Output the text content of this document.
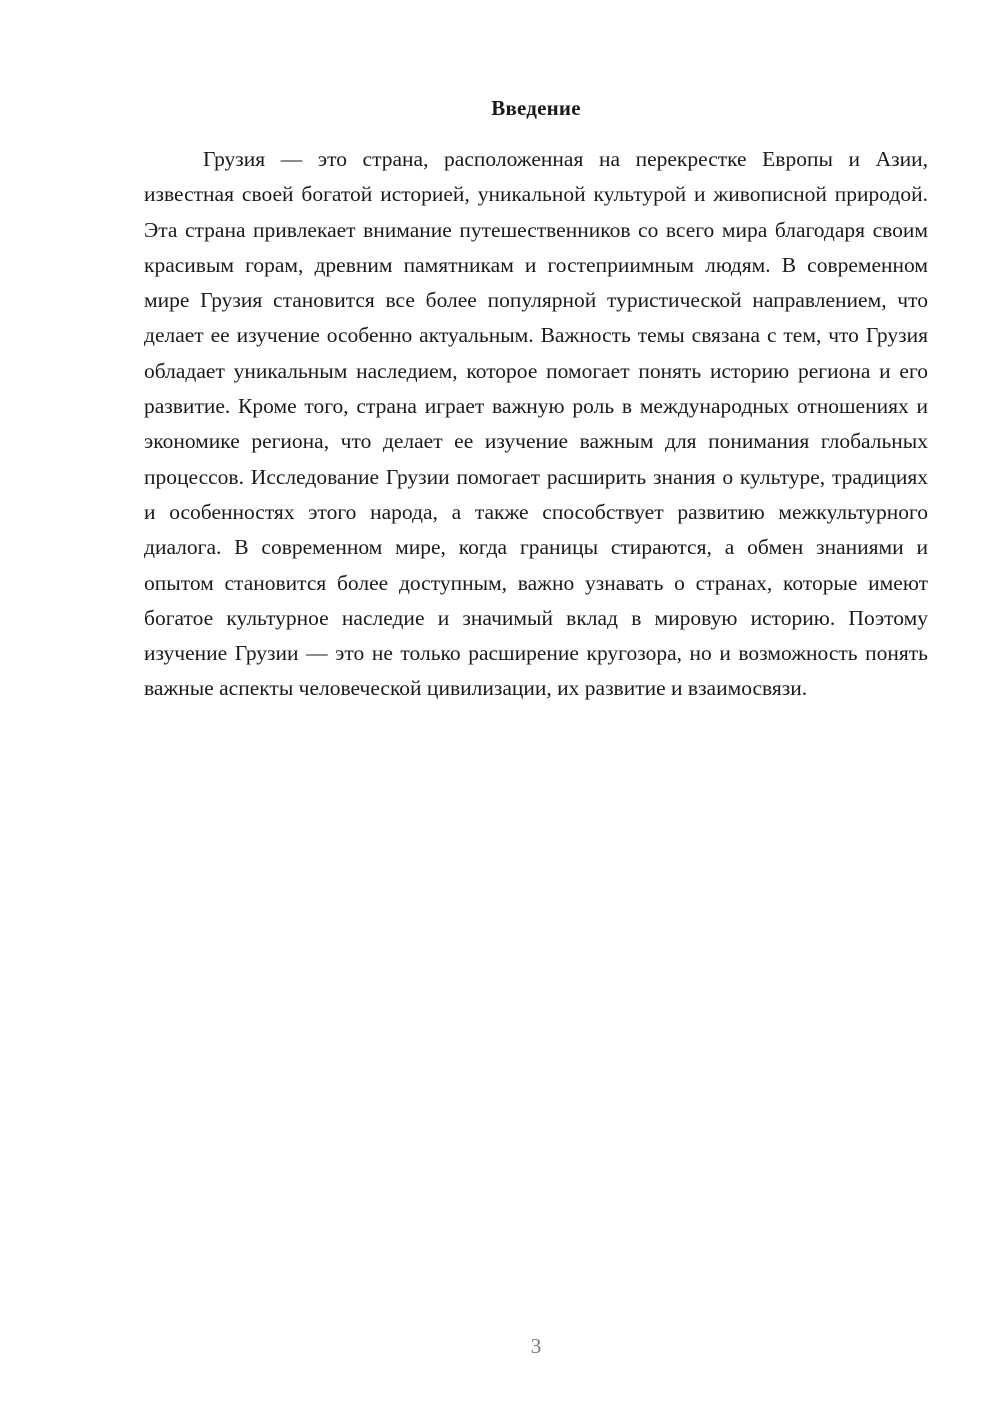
Введение

Грузия — это страна, расположенная на перекрестке Европы и Азии, известная своей богатой историей, уникальной культурой и живописной природой. Эта страна привлекает внимание путешественников со всего мира благодаря своим красивым горам, древним памятникам и гостеприимным людям. В современном мире Грузия становится все более популярной туристической направлением, что делает ее изучение особенно актуальным. Важность темы связана с тем, что Грузия обладает уникальным наследием, которое помогает понять историю региона и его развитие. Кроме того, страна играет важную роль в международных отношениях и экономике региона, что делает ее изучение важным для понимания глобальных процессов. Исследование Грузии помогает расширить знания о культуре, традициях и особенностях этого народа, а также способствует развитию межкультурного диалога. В современном мире, когда границы стираются, а обмен знаниями и опытом становится более доступным, важно узнавать о странах, которые имеют богатое культурное наследие и значимый вклад в мировую историю. Поэтому изучение Грузии — это не только расширение кругозора, но и возможность понять важные аспекты человеческой цивилизации, их развитие и взаимосвязи.

3
